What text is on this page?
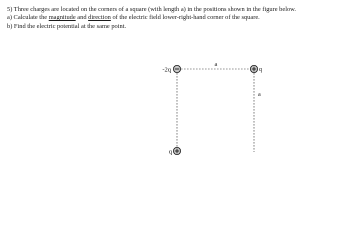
5) Three charges are located on the corners of a square (with length a) in the positions shown in the figure below.

a) Calculate the magnitude and direction of the electric field lower-right-hand corner of the square.

b) Find the electric potential at the same point.

-2q
a
q
a
q
